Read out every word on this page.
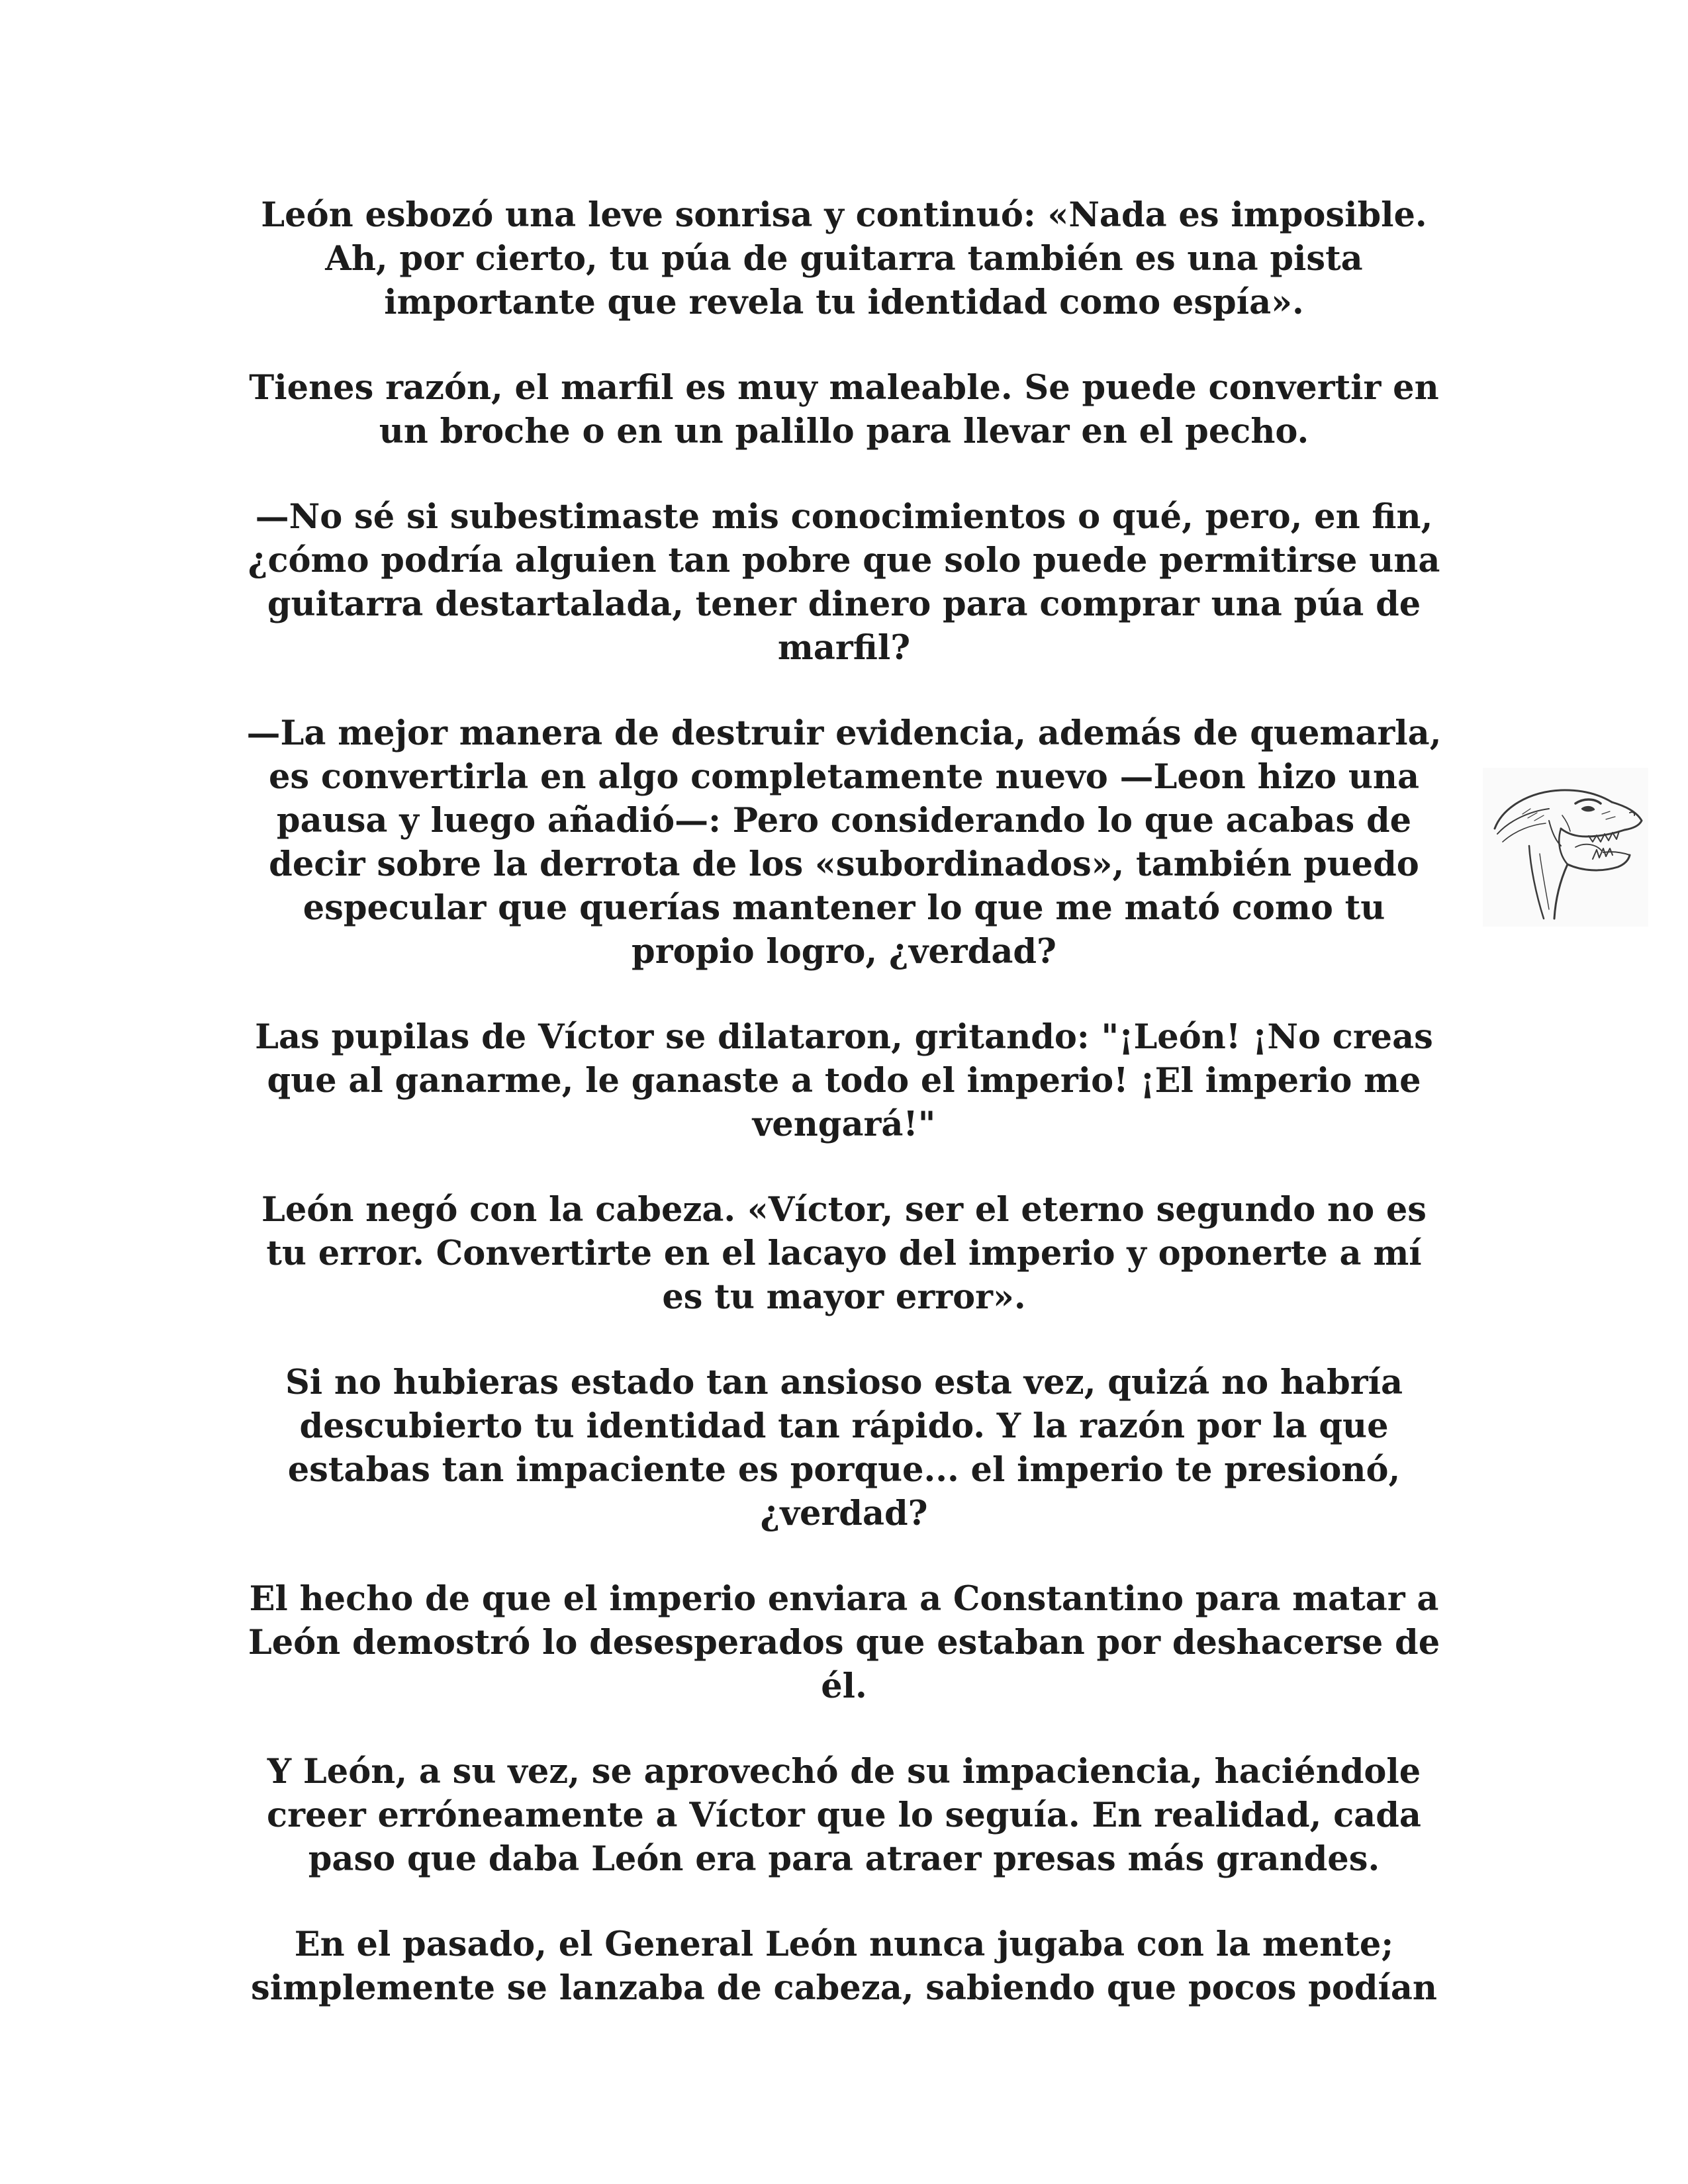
León esbozó una leve sonrisa y continuó: «Nada es imposible.
Ah, por cierto, tu púa de guitarra también es una pista
importante que revela tu identidad como espía».

Tienes razón, el marfil es muy maleable. Se puede convertir en
un broche o en un palillo para llevar en el pecho.

—No sé si subestimaste mis conocimientos o qué, pero, en fin,
¿cómo podría alguien tan pobre que solo puede permitirse una
guitarra destartalada, tener dinero para comprar una púa de
marfil?

—La mejor manera de destruir evidencia, además de quemarla,
es convertirla en algo completamente nuevo —Leon hizo una
pausa y luego añadió—: Pero considerando lo que acabas de
decir sobre la derrota de los «subordinados», también puedo
especular que querías mantener lo que me mató como tu
propio logro, ¿verdad?

Las pupilas de Víctor se dilataron, gritando: "¡León! ¡No creas
que al ganarme, le ganaste a todo el imperio! ¡El imperio me
vengará!"

León negó con la cabeza. «Víctor, ser el eterno segundo no es
tu error. Convertirte en el lacayo del imperio y oponerte a mí
es tu mayor error».

Si no hubieras estado tan ansioso esta vez, quizá no habría
descubierto tu identidad tan rápido. Y la razón por la que
estabas tan impaciente es porque... el imperio te presionó,
¿verdad?

El hecho de que el imperio enviara a Constantino para matar a
León demostró lo desesperados que estaban por deshacerse de
él.

Y León, a su vez, se aprovechó de su impaciencia, haciéndole
creer erróneamente a Víctor que lo seguía. En realidad, cada
paso que daba León era para atraer presas más grandes.

En el pasado, el General León nunca jugaba con la mente;
simplemente se lanzaba de cabeza, sabiendo que pocos podían
